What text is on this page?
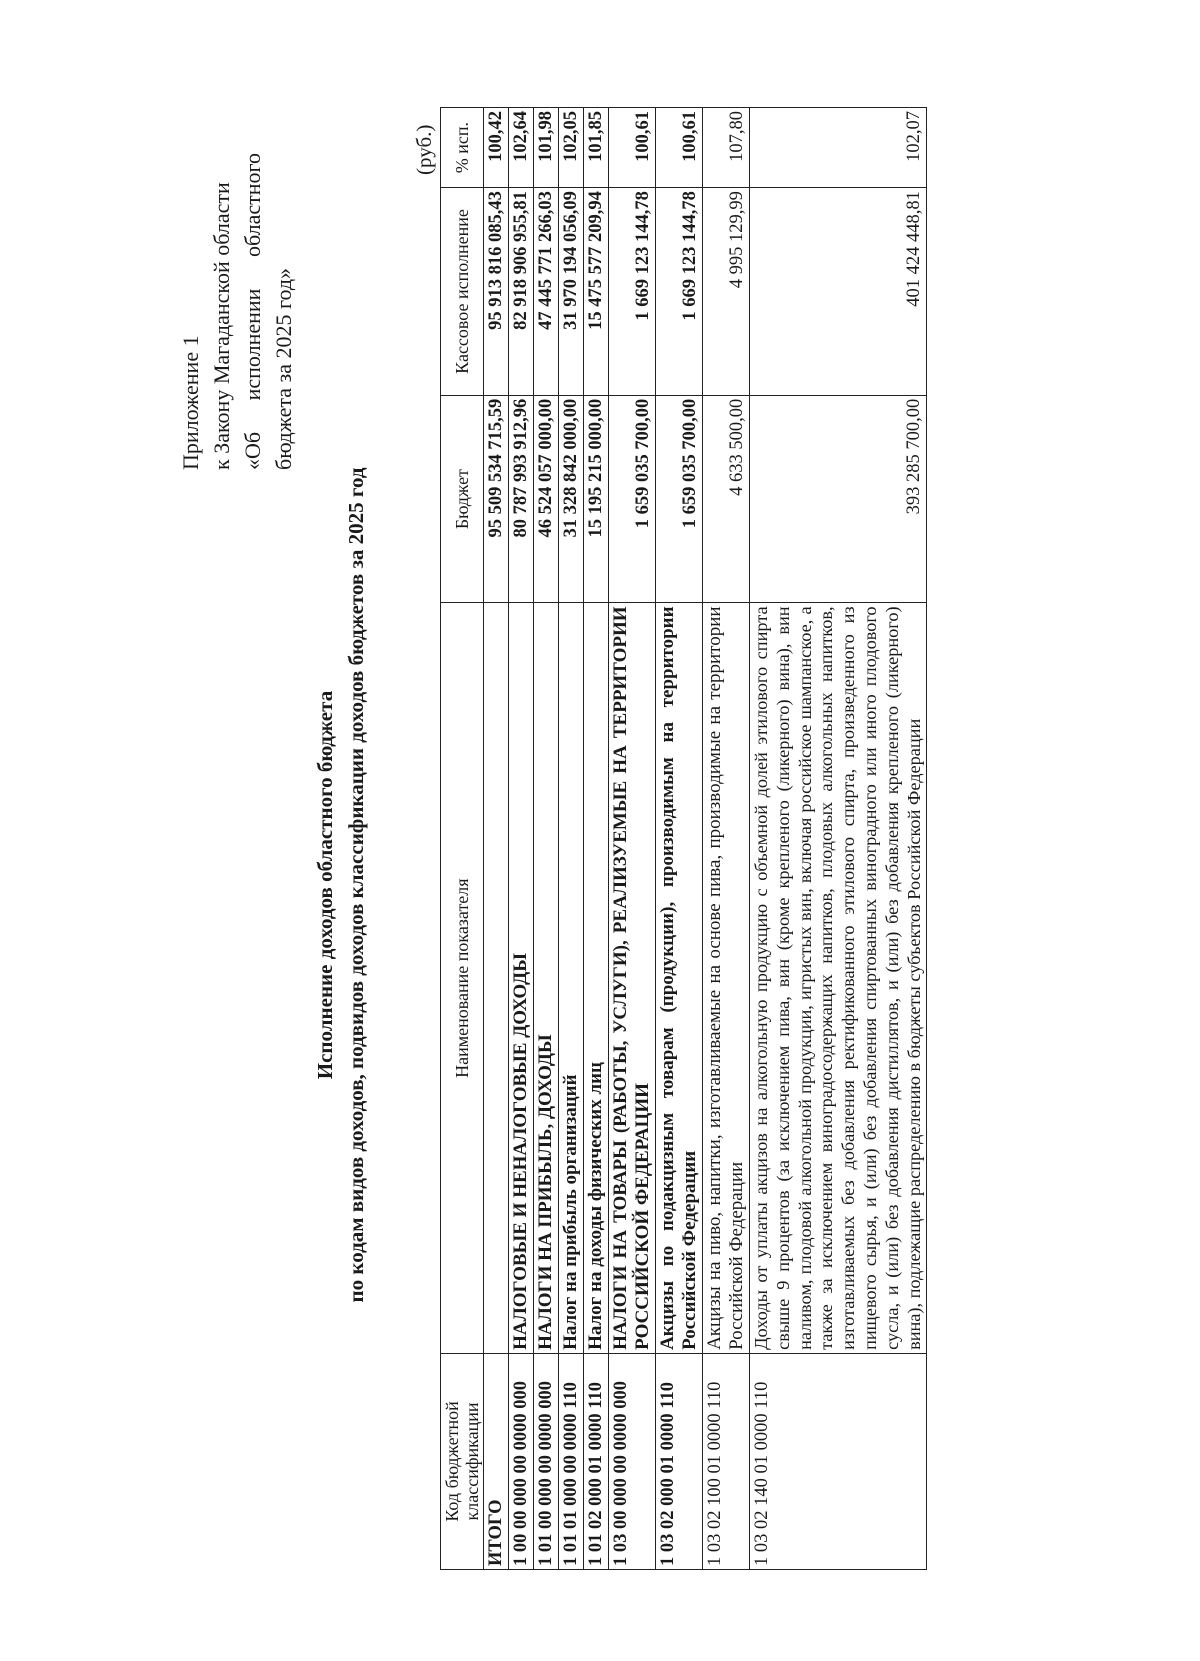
Приложение 1 к Закону Магаданской области «Об исполнении областного бюджета за 2025 год»
Исполнение доходов областного бюджета по кодам видов доходов, подвидов доходов классификации доходов бюджетов за 2025 год
(руб.)
Код бюджетной классификации	Наименование показателя	Бюджет	Кассовое исполнение	% исп.
ИТОГО		95 509 534 715,59	95 913 816 085,43	100,42
1 00 00 000 00 0000 000	НАЛОГОВЫЕ И НЕНАЛОГОВЫЕ ДОХОДЫ	80 787 993 912,96	82 918 906 955,81	102,64
1 01 00 000 00 0000 000	НАЛОГИ НА ПРИБЫЛЬ, ДОХОДЫ	46 524 057 000,00	47 445 771 266,03	101,98
1 01 01 000 00 0000 110	Налог на прибыль организаций	31 328 842 000,00	31 970 194 056,09	102,05
1 01 02 000 01 0000 110	Налог на доходы физических лиц	15 195 215 000,00	15 475 577 209,94	101,85
1 03 00 000 00 0000 000	НАЛОГИ НА ТОВАРЫ (РАБОТЫ, УСЛУГИ), РЕАЛИЗУЕМЫЕ НА ТЕРРИТОРИИ РОССИЙСКОЙ ФЕДЕРАЦИИ	1 659 035 700,00	1 669 123 144,78	100,61
1 03 02 000 01 0000 110	Акцизы по подакцизным товарам (продукции), производимым на территории Российской Федерации	1 659 035 700,00	1 669 123 144,78	100,61
1 03 02 100 01 0000 110	Акцизы на пиво, напитки, изготавливаемые на основе пива, производимые на территории Российской Федерации	4 633 500,00	4 995 129,99	107,80
1 03 02 140 01 0000 110	Доходы от уплаты акцизов на алкогольную продукцию с объемной долей этилового спирта свыше 9 процентов (за исключением пива, вин (кроме крепленого (ликерного) вина), вин наливом, плодовой алкогольной продукции, игристых вин, включая российское шампанское, а также за исключением виноградосодержащих напитков, плодовых алкогольных напитков, изготавливаемых без добавления ректификованного этилового спирта, произведенного из пищевого сырья, и (или) без добавления спиртованных виноградного или иного плодового сусла, и (или) без добавления дистиллятов, и (или) без добавления крепленого (ликерного) вина), подлежащие распределению в бюджеты субъектов Российской Федерации	393 285 700,00	401 424 448,81	102,07
